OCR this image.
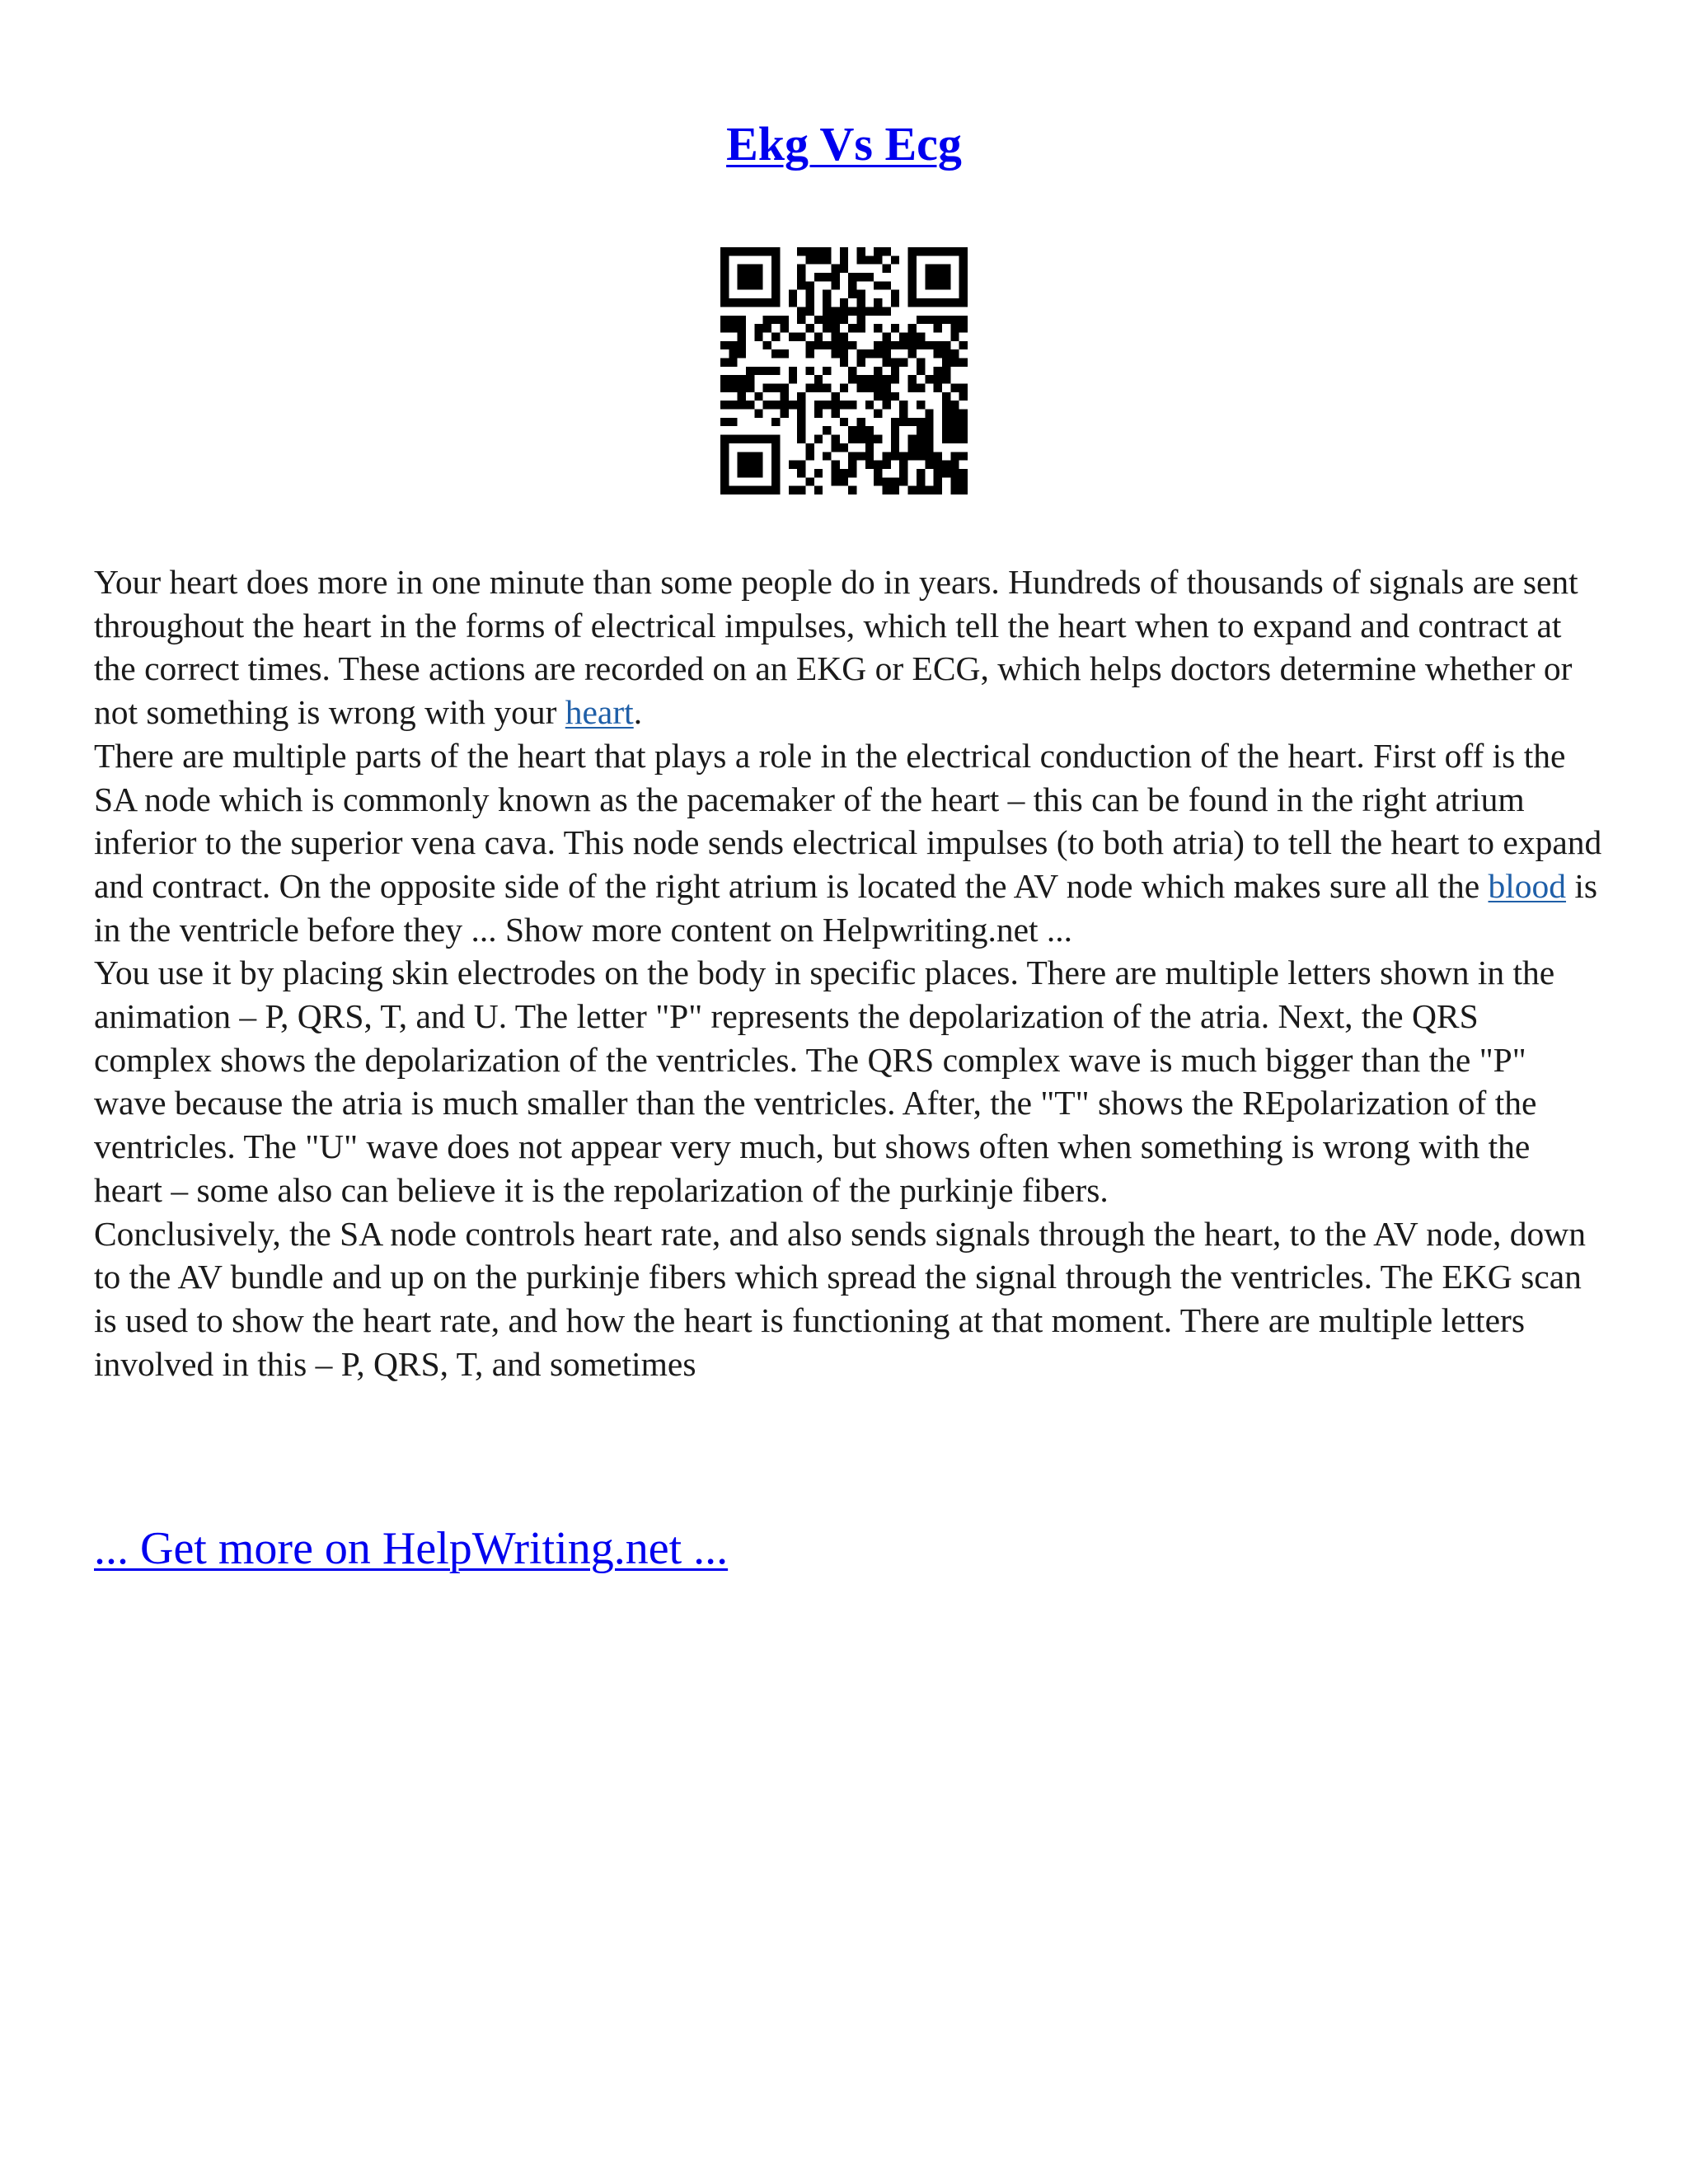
Ekg Vs Ecg

Your heart does more in one minute than some people do in years. Hundreds of thousands of signals are sent throughout the heart in the forms of electrical impulses, which tell the heart when to expand and contract at the correct times. These actions are recorded on an EKG or ECG, which helps doctors determine whether or not something is wrong with your heart.

There are multiple parts of the heart that plays a role in the electrical conduction of the heart. First off is the SA node which is commonly known as the pacemaker of the heart – this can be found in the right atrium inferior to the superior vena cava. This node sends electrical impulses (to both atria) to tell the heart to expand and contract. On the opposite side of the right atrium is located the AV node which makes sure all the blood is in the ventricle before they ... Show more content on Helpwriting.net ...

You use it by placing skin electrodes on the body in specific places. There are multiple letters shown in the animation – P, QRS, T, and U. The letter "P" represents the depolarization of the atria. Next, the QRS complex shows the depolarization of the ventricles. The QRS complex wave is much bigger than the "P" wave because the atria is much smaller than the ventricles. After, the "T" shows the REpolarization of the ventricles. The "U" wave does not appear very much, but shows often when something is wrong with the heart – some also can believe it is the repolarization of the purkinje fibers.

Conclusively, the SA node controls heart rate, and also sends signals through the heart, to the AV node, down to the AV bundle and up on the purkinje fibers which spread the signal through the ventricles. The EKG scan is used to show the heart rate, and how the heart is functioning at that moment. There are multiple letters involved in this – P, QRS, T, and sometimes

... Get more on HelpWriting.net ...
